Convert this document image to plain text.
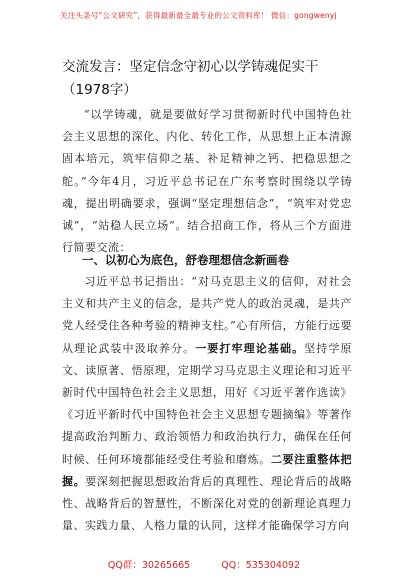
关注头条号“公文研究”，获得最新最全最专业的公文资料库！ 微信：gongwenyj
交流发言：坚定信念守初心以学铸魂促实干（1978字）
“以学铸魂，就是要做好学习贯彻新时代中国特色社会主义思想的深化、内化、转化工作，从思想上正本清源固本培元，筑牢信仰之基、补足精神之钙、把稳思想之舵。”今年4月，习近平总书记在广东考察时围绕以学铸魂，提出明确要求，强调“坚定理想信念”，“筑牢对党忠诚”，“站稳人民立场”。结合招商工作，将从三个方面进行简要交流：
一、以初心为底色，舒卷理想信念新画卷
习近平总书记指出：“对马克思主义的信仰，对社会主义和共产主义的信念，是共产党人的政治灵魂，是共产党人经受住各种考验的精神支柱。”心有所信，方能行远要从理论武装中汲取养分。一要打牢理论基础。坚持学原文、读原著、悟原理，定期学习马克思主义理论和习近平新时代中国特色社会主义思想，用好《习近平著作选读》《习近平新时代中国特色社会主义思想专题摘编》等著作提高政治判断力、政治领悟力和政治执行力，确保在任何时候、任何环境都能经受住考验和磨炼。二要注重整体把握。要深刻把握思想政治背后的真理性、理论背后的战略性、战略背后的智慧性，不断深化对党的创新理论真理力量、实践力量、人格力量的认同，这样才能确保学习方向
QQ群：30265665	QQ：535304092
